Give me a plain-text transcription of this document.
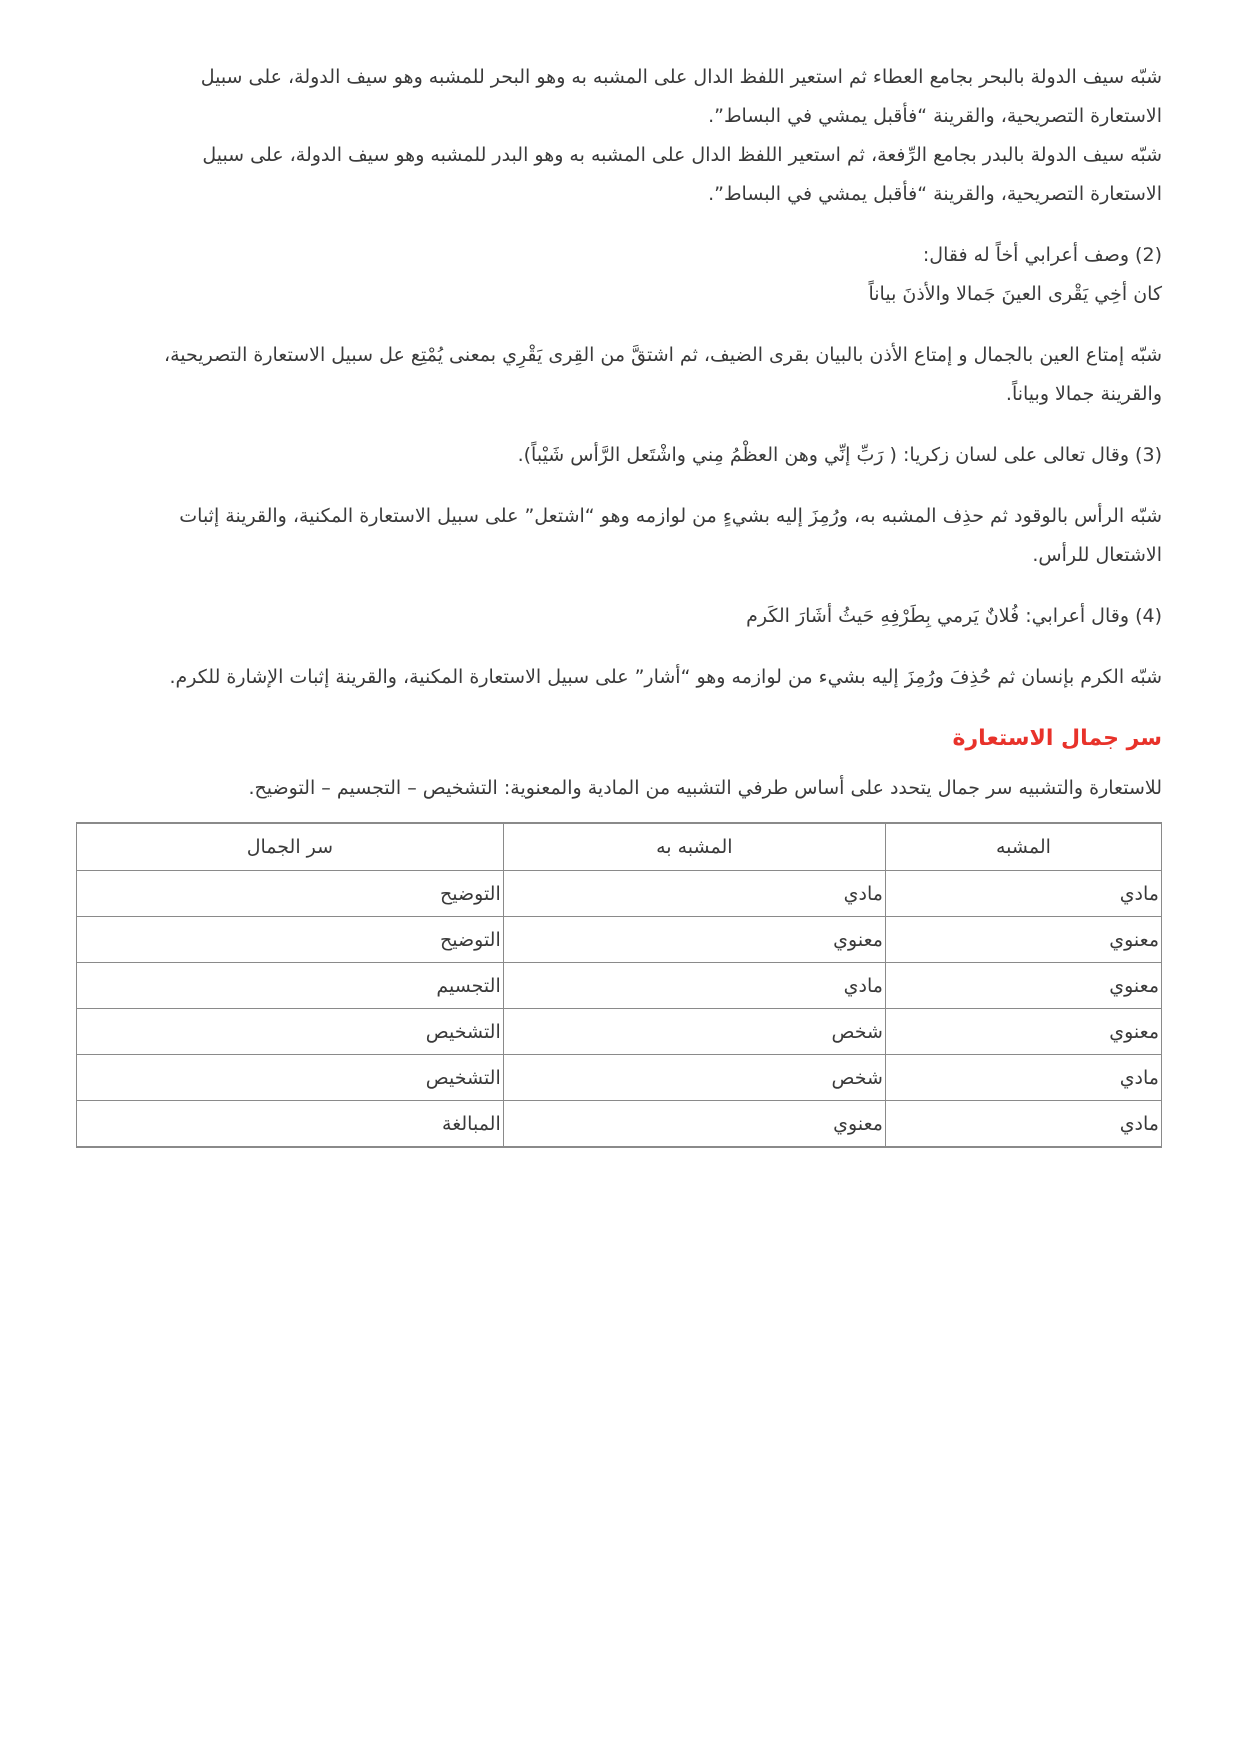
شبّه سيف الدولة بالبحر بجامع العطاء ثم استعير اللفظ الدال على المشبه به وهو البحر للمشبه وهو سيف الدولة، على سبيل

الاستعارة التصريحية، والقرينة “فأقبل يمشي في البساط”.

شبّه سيف الدولة بالبدر بجامع الرِّفعة، ثم استعير اللفظ الدال على المشبه به وهو البدر للمشبه وهو سيف الدولة، على سبيل

الاستعارة التصريحية، والقرينة “فأقبل يمشي في البساط”.

(2) وصف أعرابي أخاً له فقال:

كان أخِي يَقْرى العينَ جَمالا والأذنَ بياناً

شبّه إمتاع العين بالجمال و إمتاع الأذن بالبيان بقرى الضيف، ثم اشتقَّ من القِرى يَقْرِي بمعنى يُمْتِع عل سبيل الاستعارة التصريحية،

والقرينة جمالا وبياناً.

(3) وقال تعالى على لسان زكريا: ( رَبِّ إنِّي وهن العظْمُ مِني واشْتَعل الرَّأس شَيْباً).

شبّه الرأس بالوقود ثم حذِف المشبه به، ورُمِزَ إليه بشيءٍ من لوازمه وهو “اشتعل” على سبيل الاستعارة المكنية، والقرينة إثبات

الاشتعال للرأس.

(4) وقال أعرابي: فُلانٌ يَرمي بِطَرْفِهِ حَيثُ أشَارَ الكَرم

شبّه الكرم بإنسان ثم حُذِفَ ورُمِزَ إليه بشيء من لوازمه وهو “أشار” على سبيل الاستعارة المكنية، والقرينة إثبات الإشارة للكرم.

سر جمال الاستعارة

للاستعارة والتشبيه سر جمال يتحدد على أساس طرفي التشبيه من المادية والمعنوية: التشخيص – التجسيم – التوضيح.

المشبه	المشبه به	سر الجمال
مادي	مادي	التوضيح
معنوي	معنوي	التوضيح
معنوي	مادي	التجسيم
معنوي	شخص	التشخيص
مادي	شخص	التشخيص
مادي	معنوي	المبالغة
